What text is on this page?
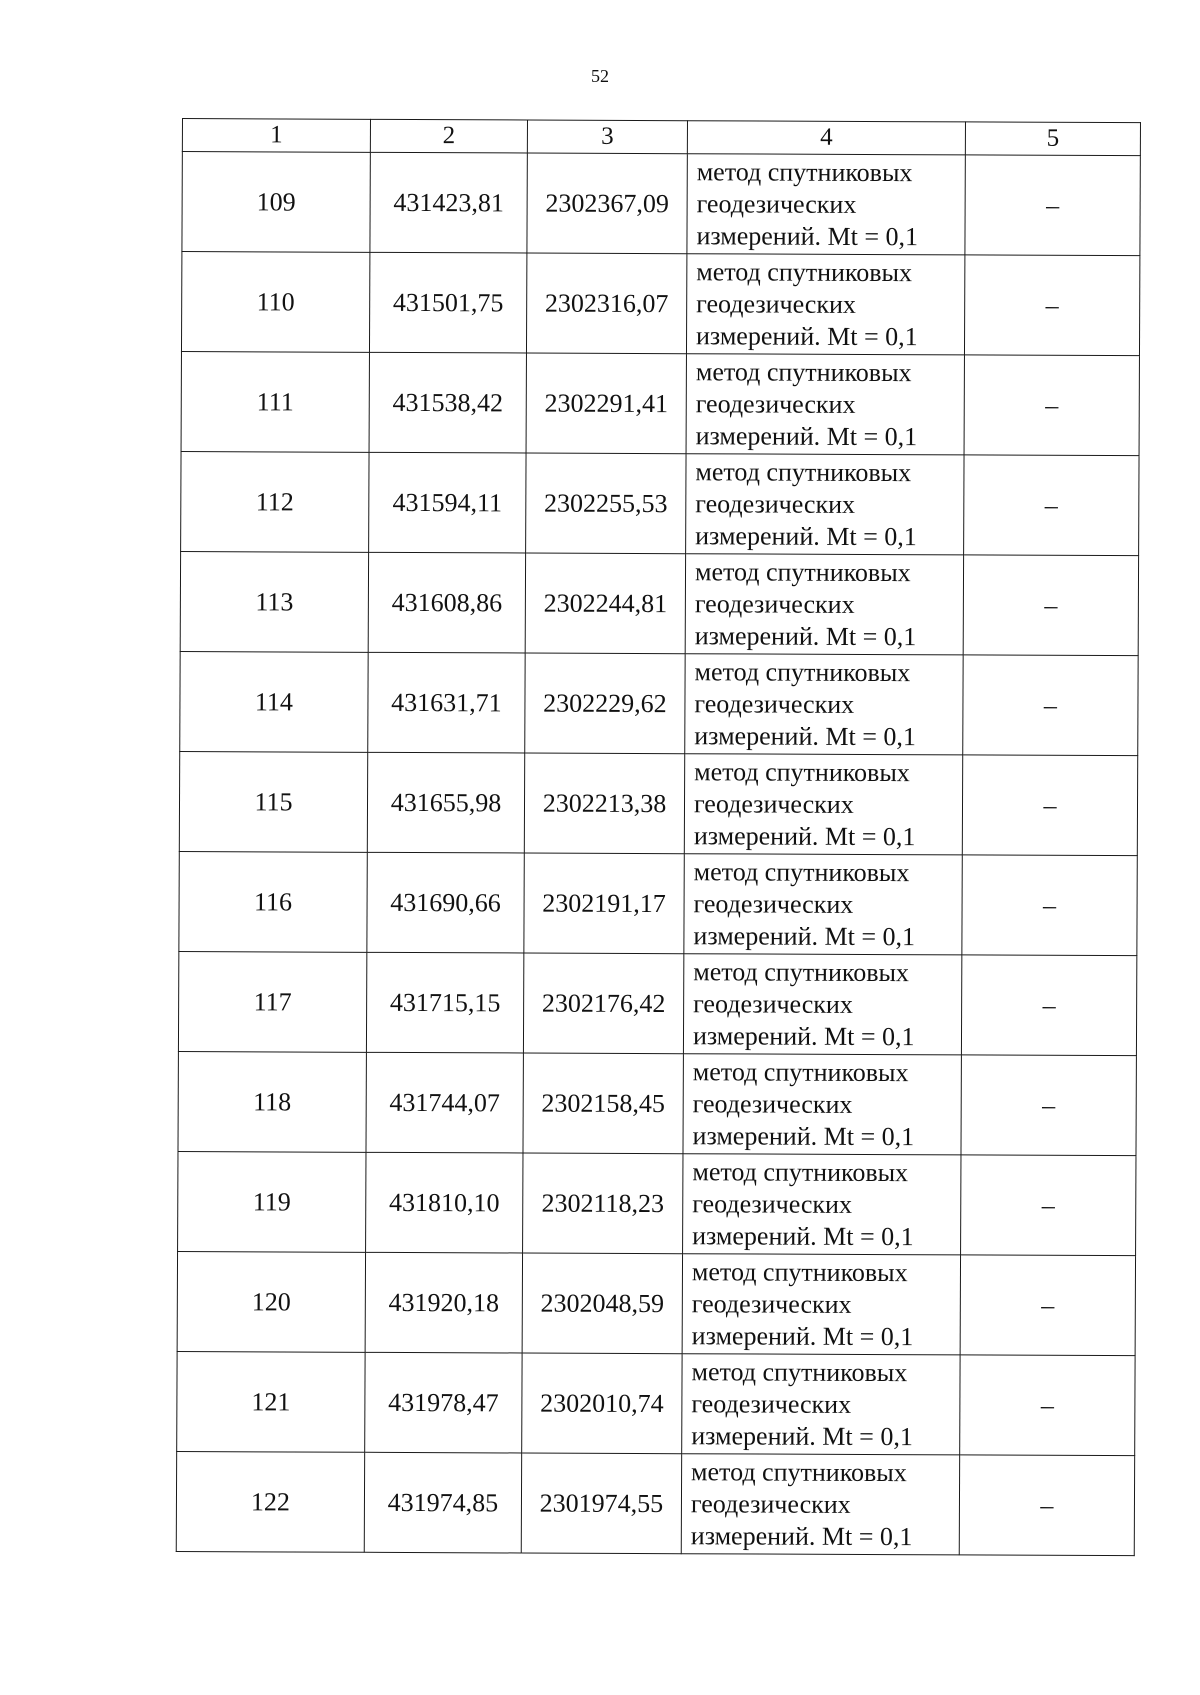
52
1	2	3	4	5
109	431423,81	2302367,09	метод спутниковых
геодезических
измерений. Mt = 0,1	–
110	431501,75	2302316,07	метод спутниковых
геодезических
измерений. Mt = 0,1	–
111	431538,42	2302291,41	метод спутниковых
геодезических
измерений. Mt = 0,1	–
112	431594,11	2302255,53	метод спутниковых
геодезических
измерений. Mt = 0,1	–
113	431608,86	2302244,81	метод спутниковых
геодезических
измерений. Mt = 0,1	–
114	431631,71	2302229,62	метод спутниковых
геодезических
измерений. Mt = 0,1	–
115	431655,98	2302213,38	метод спутниковых
геодезических
измерений. Mt = 0,1	–
116	431690,66	2302191,17	метод спутниковых
геодезических
измерений. Mt = 0,1	–
117	431715,15	2302176,42	метод спутниковых
геодезических
измерений. Mt = 0,1	–
118	431744,07	2302158,45	метод спутниковых
геодезических
измерений. Mt = 0,1	–
119	431810,10	2302118,23	метод спутниковых
геодезических
измерений. Mt = 0,1	–
120	431920,18	2302048,59	метод спутниковых
геодезических
измерений. Mt = 0,1	–
121	431978,47	2302010,74	метод спутниковых
геодезических
измерений. Mt = 0,1	–
122	431974,85	2301974,55	метод спутниковых
геодезических
измерений. Mt = 0,1	–
